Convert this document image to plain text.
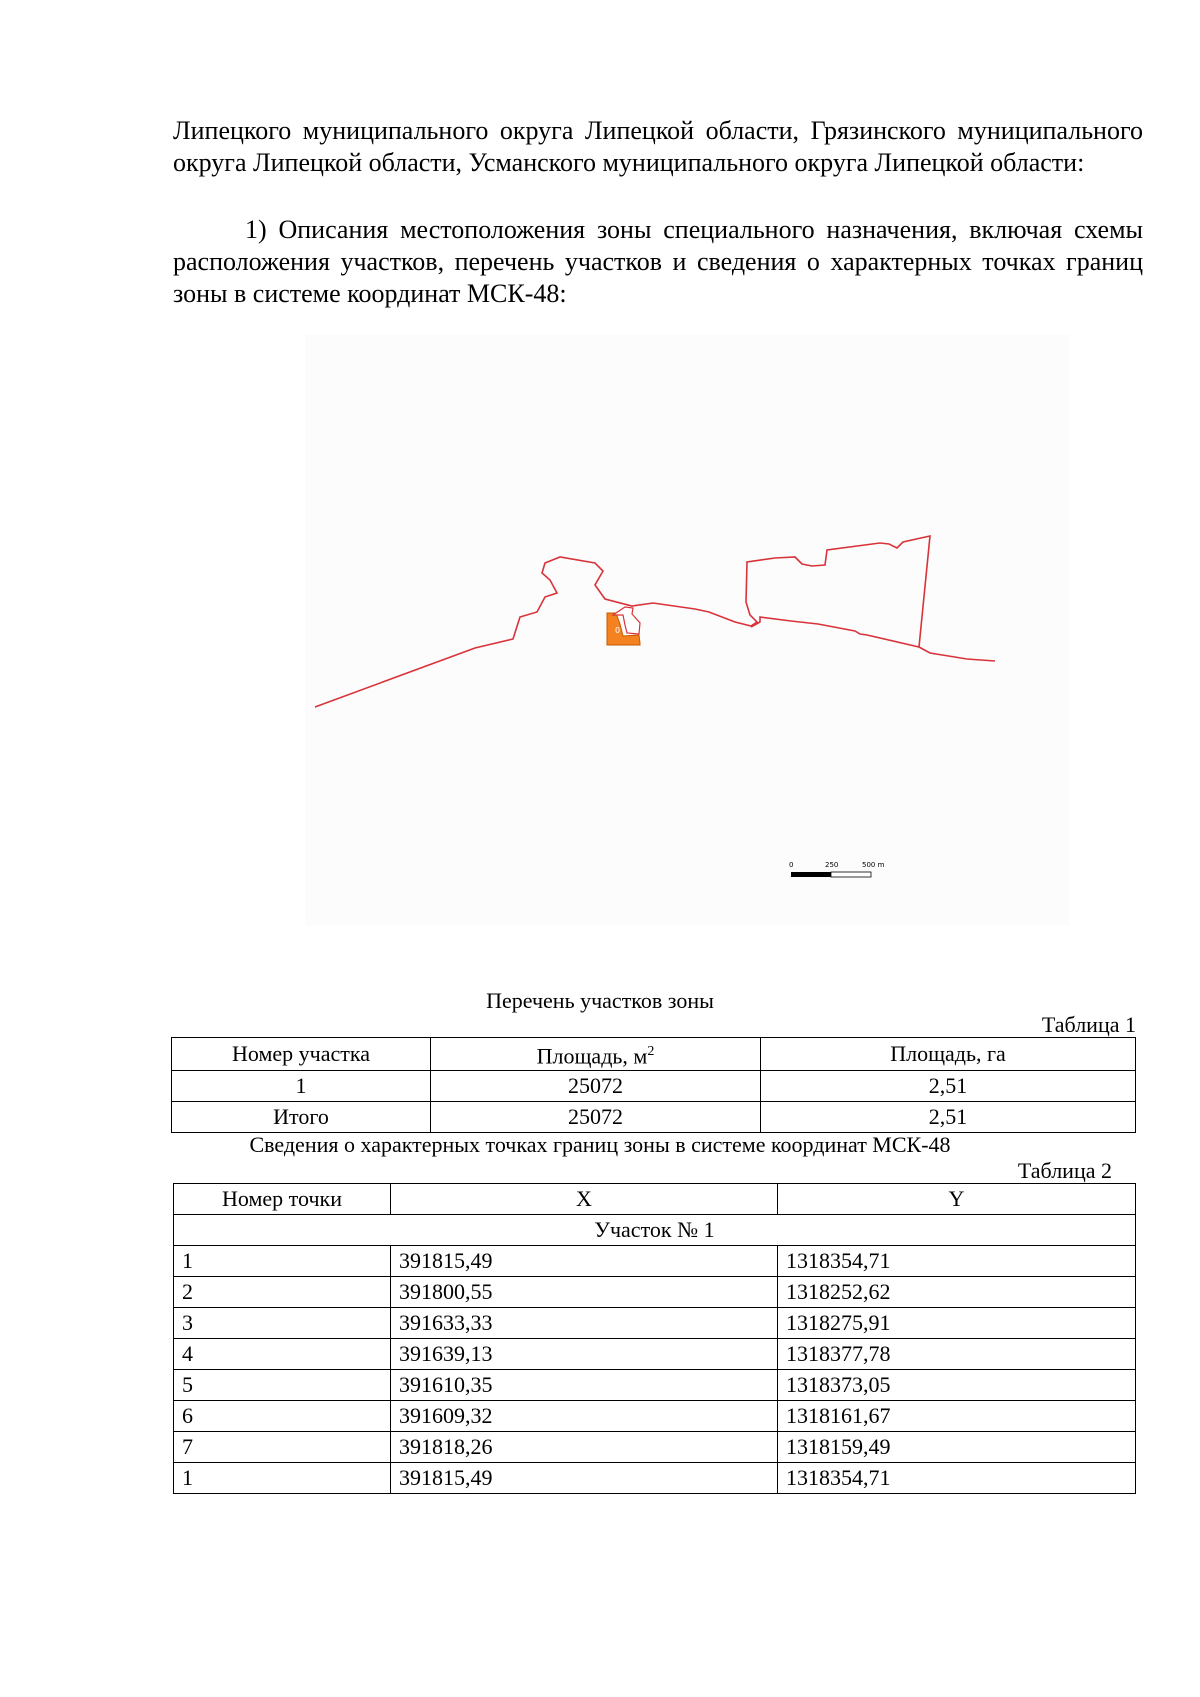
Липецкого муниципального округа Липецкой области, Грязинского муниципального округа Липецкой области, Усманского муниципального округа Липецкой области:

1) Описания местоположения зоны специального назначения, включая схемы расположения участков, перечень участков и сведения о характерных точках границ зоны в системе координат МСК-48:

0
0	250	500 m
Перечень участков зоны
Таблица 1
Номер участка	Площадь, $м^2$	Площадь, га
1	25072	2,51
Итого	25072	2,51
Сведения о характерных точках границ зоны в системе координат МСК-48
Таблица 2
Номер точки	X	Y
Участок № 1		
1	391815,49	1318354,71
2	391800,55	1318252,62
3	391633,33	1318275,91
4	391639,13	1318377,78
5	391610,35	1318373,05
6	391609,32	1318161,67
7	391818,26	1318159,49
1	391815,49	1318354,71
